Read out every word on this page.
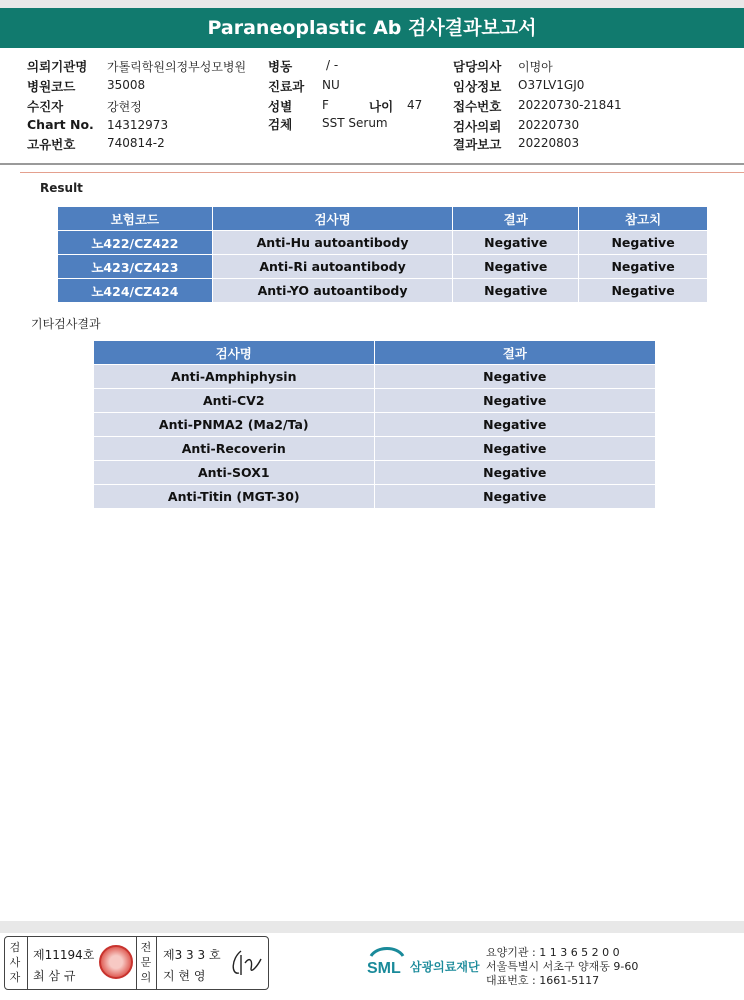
Paraneoplastic Ab 검사결과보고서
의뢰기관명 가톨릭학원의정부성모병원
병원코드	35008
수진자	강현정
Chart No. 14312973
고유번호	740814-2
병동	/ -
진료과 NU
성별 F	나이 47
검체 SST Serum
담당의사 이명아
임상정보 O37LV1GJ0
접수번호 20220730-21841
검사의뢰 20220730
결과보고 20220803
Result
보험코드	검사명	결과	참고치
노422/CZ422	Anti-Hu autoantibody	Negative	Negative
노423/CZ423	Anti-Ri autoantibody	Negative	Negative
노424/CZ424	Anti-YO autoantibody	Negative	Negative
기타검사결과
검사명	결과
Anti-Amphiphysin	Negative
Anti-CV2	Negative
Anti-PNMA2 (Ma2/Ta)	Negative
Anti-Recoverin	Negative
Anti-SOX1	Negative
Anti-Titin (MGT-30)	Negative
검사자
제11194호
최 삼 규
전문의
제3 3 3 호
지 현 영	SML 삼광의료재단
요양기관 : 1 1 3 6 5 2 0 0
서울특별시 서초구 양재동 9-60
대표번호 : 1661-5117
